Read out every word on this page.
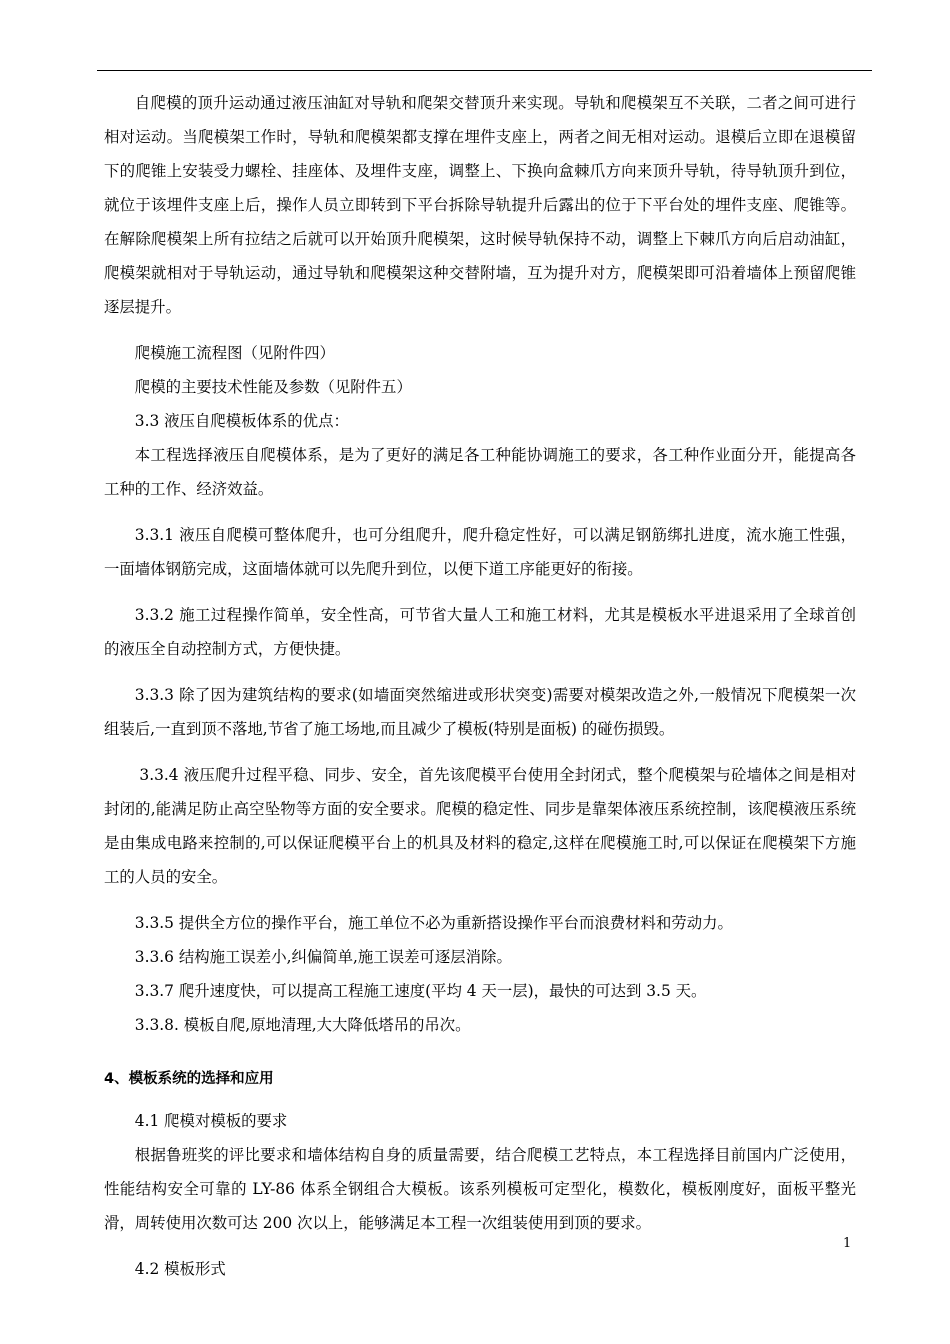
自爬模的顶升运动通过液压油缸对导轨和爬架交替顶升来实现。导轨和爬模架互不关联，二者之间可进行相对运动。当爬模架工作时，导轨和爬模架都支撑在埋件支座上，两者之间无相对运动。退模后立即在退模留下的爬锥上安装受力螺栓、挂座体、及埋件支座，调整上、下换向盒棘爪方向来顶升导轨，待导轨顶升到位，就位于该埋件支座上后，操作人员立即转到下平台拆除导轨提升后露出的位于下平台处的埋件支座、爬锥等。在解除爬模架上所有拉结之后就可以开始顶升爬模架，这时候导轨保持不动，调整上下棘爪方向后启动油缸，爬模架就相对于导轨运动，通过导轨和爬模架这种交替附墙，互为提升对方，爬模架即可沿着墙体上预留爬锥逐层提升。

爬模施工流程图（见附件四）

爬模的主要技术性能及参数（见附件五）

3.3 液压自爬模板体系的优点：

本工程选择液压自爬模体系，是为了更好的满足各工种能协调施工的要求，各工种作业面分开，能提高各工种的工作、经济效益。

3.3.1 液压自爬模可整体爬升，也可分组爬升，爬升稳定性好，可以满足钢筋绑扎进度，流水施工性强，一面墙体钢筋完成，这面墙体就可以先爬升到位，以便下道工序能更好的衔接。

3.3.2 施工过程操作简单，安全性高，可节省大量人工和施工材料，尤其是模板水平进退采用了全球首创的液压全自动控制方式，方便快捷。

3.3.3 除了因为建筑结构的要求(如墙面突然缩进或形状突变)需要对模架改造之外,一般情况下爬模架一次组装后,一直到顶不落地,节省了施工场地,而且减少了模板(特别是面板) 的碰伤损毁。

3.3.4 液压爬升过程平稳、同步、安全，首先该爬模平台使用全封闭式，整个爬模架与砼墙体之间是相对封闭的,能满足防止高空坠物等方面的安全要求。爬模的稳定性、同步是靠架体液压系统控制，该爬模液压系统是由集成电路来控制的,可以保证爬模平台上的机具及材料的稳定,这样在爬模施工时,可以保证在爬模架下方施工的人员的安全。

3.3.5 提供全方位的操作平台，施工单位不必为重新搭设操作平台而浪费材料和劳动力。

3.3.6 结构施工误差小,纠偏简单,施工误差可逐层消除。

3.3.7 爬升速度快，可以提高工程施工速度(平均 4 天一层)，最快的可达到 3.5 天。

3.3.8. 模板自爬,原地清理,大大降低塔吊的吊次。

4、模板系统的选择和应用

4.1 爬模对模板的要求

根据鲁班奖的评比要求和墙体结构自身的质量需要，结合爬模工艺特点，本工程选择目前国内广泛使用，性能结构安全可靠的 LY-86 体系全钢组合大模板。该系列模板可定型化，模数化，模板刚度好，面板平整光滑，周转使用次数可达 200 次以上，能够满足本工程一次组装使用到顶的要求。

4.2 模板形式

1
